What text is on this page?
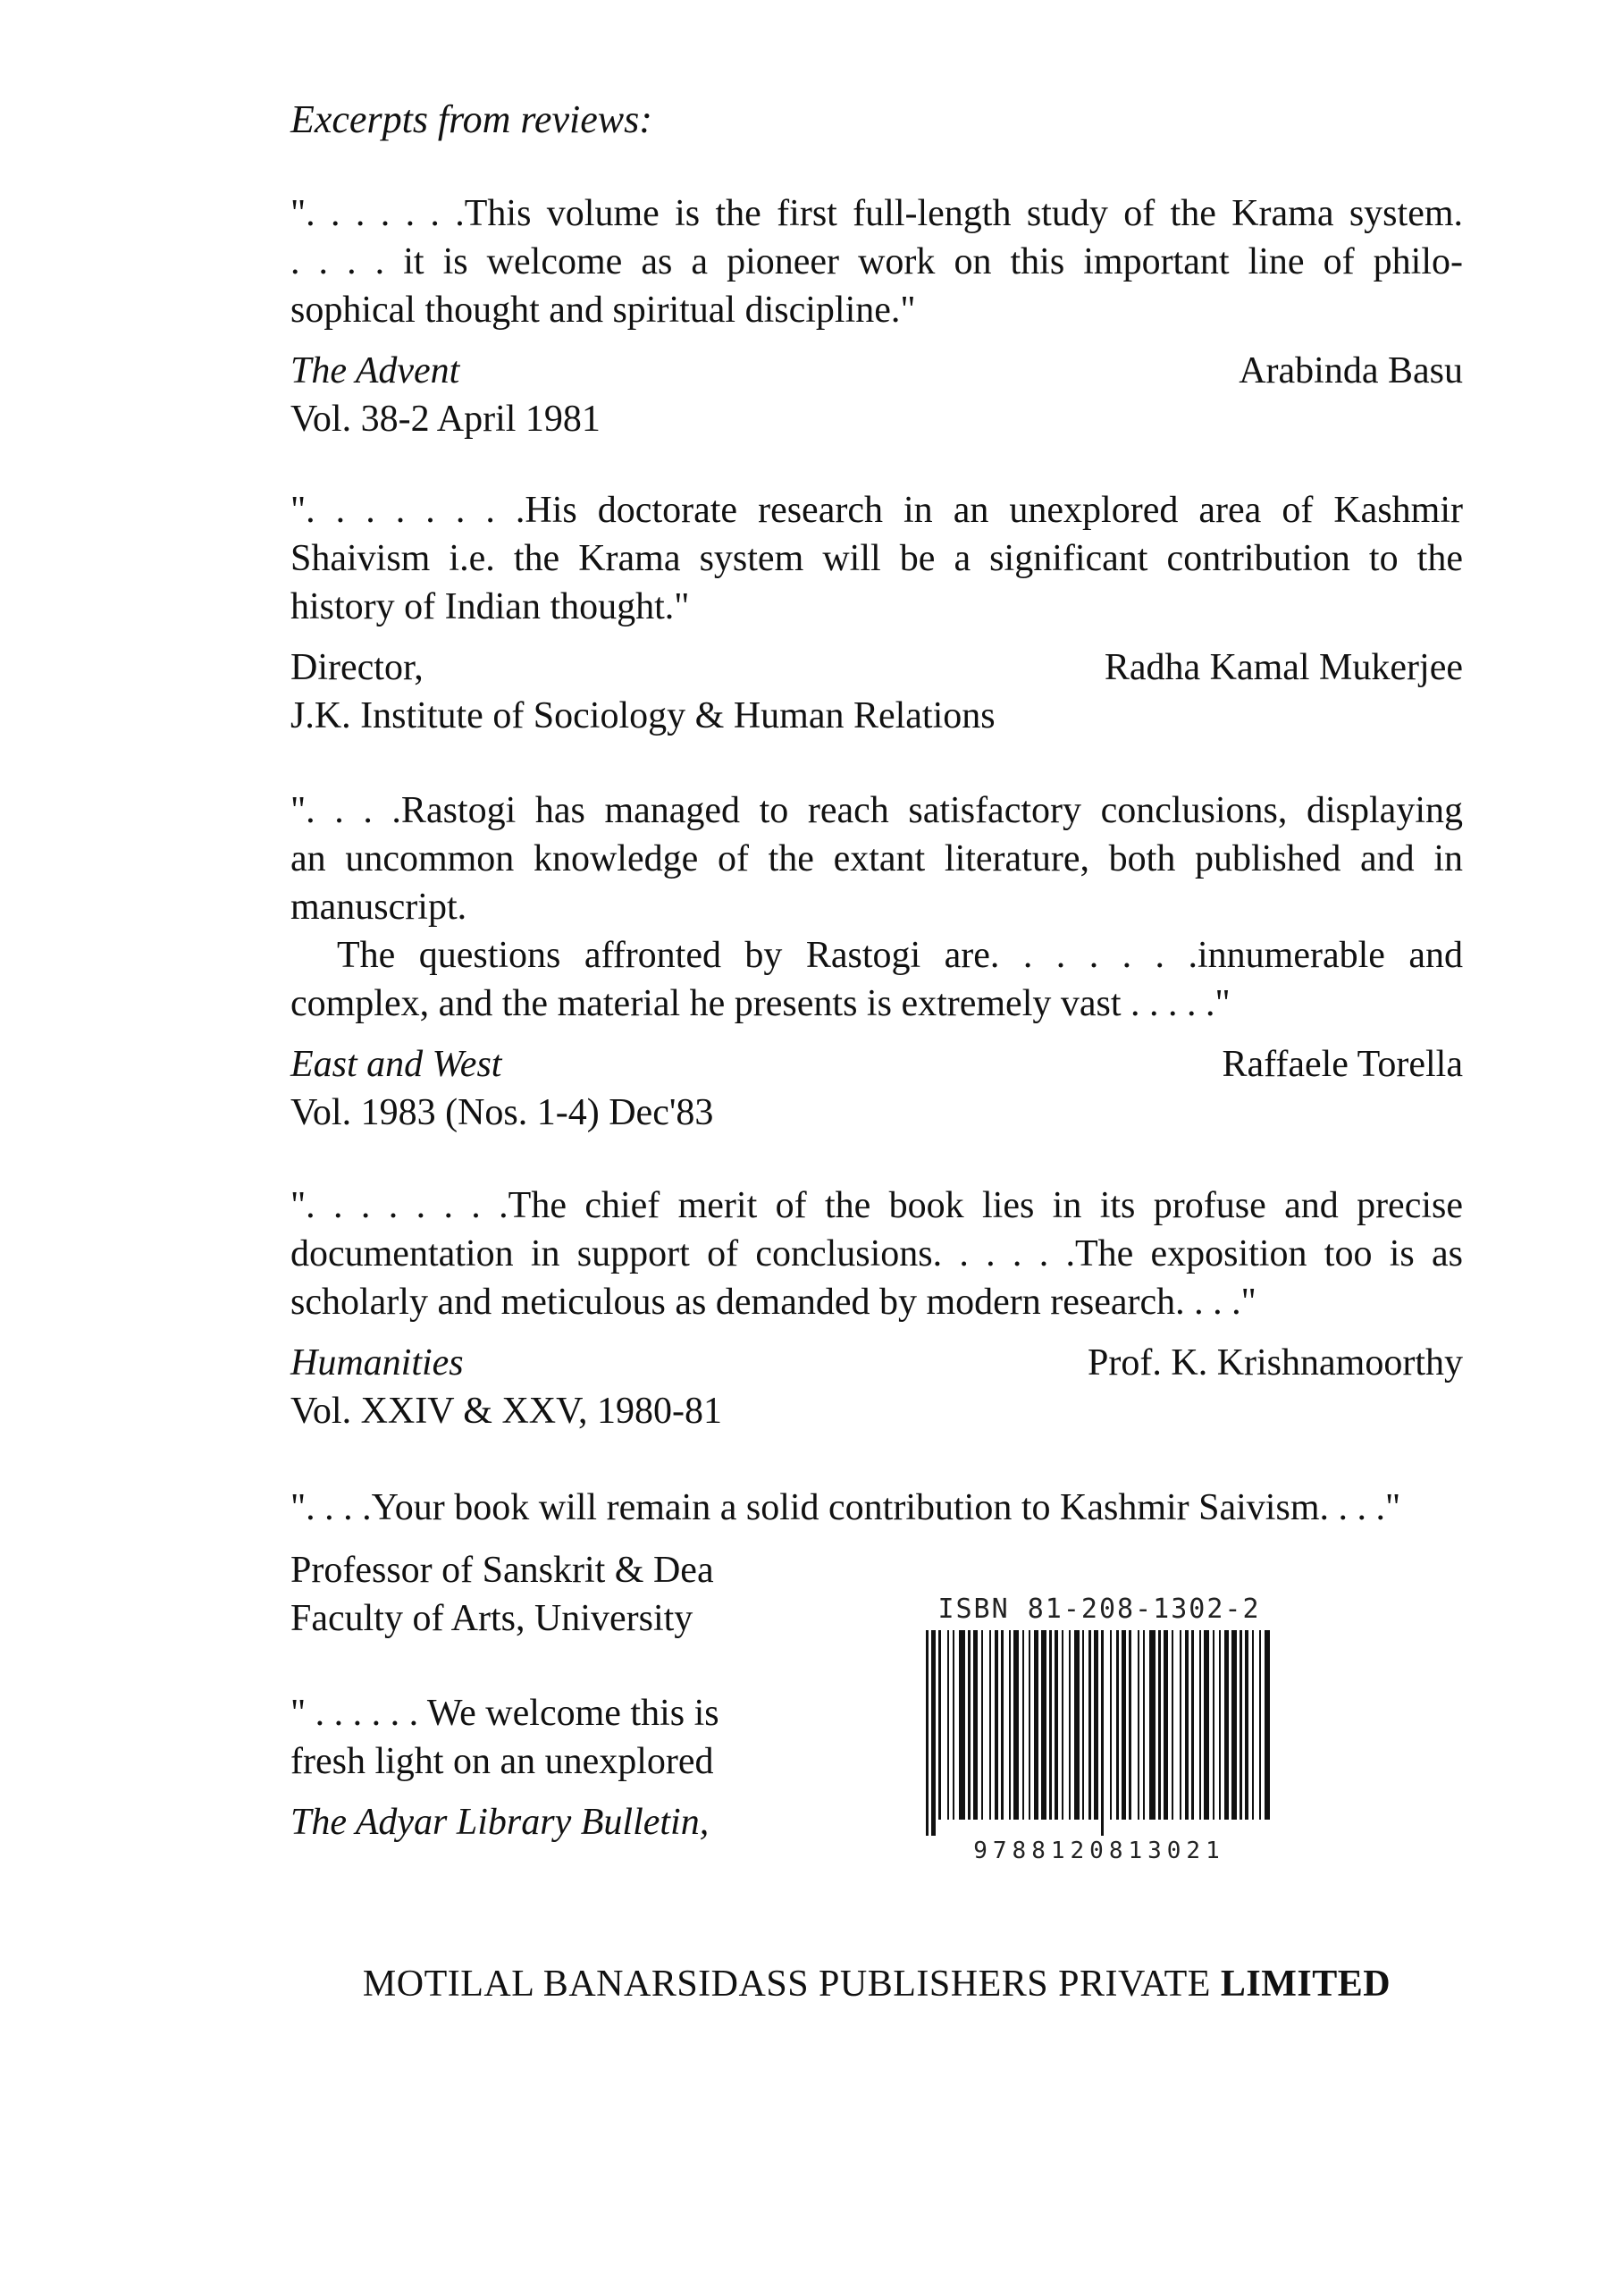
Excerpts from reviews:
". . . . . . .This volume is the first full-length study of the Krama system.
. . . . it is welcome as a pioneer work on this important line of philo-
sophical thought and spiritual discipline."
The Advent	Arabinda Basu
Vol. 38-2 April 1981
". . . . . . . .His doctorate research in an unexplored area of Kashmir
Shaivism i.e. the Krama system will be a significant contribution to the
history of Indian thought."
Director,	Radha Kamal Mukerjee
J.K. Institute of Sociology & Human Relations
". . . .Rastogi has managed to reach satisfactory conclusions, displaying
an uncommon knowledge of the extant literature, both published and in
manuscript.
The questions affronted by Rastogi are. . . . . . .innumerable and
complex, and the material he presents is extremely vast . . . . ."
East and West	Raffaele Torella
Vol. 1983 (Nos. 1-4) Dec'83
". . . . . . . .The chief merit of the book lies in its profuse and precise
documentation in support of conclusions. . . . . .The exposition too is as
scholarly and meticulous as demanded by modern research. . . ."
Humanities	Prof. K. Krishnamoorthy
Vol. XXIV & XXV, 1980-81
". . . .Your book will remain a solid contribution to Kashmir Saivism. . . ."
Professor of Sanskrit & Dea
Faculty of Arts, University
" . . . . . . We welcome this is
fresh light on an unexplored
The Adyar Library Bulletin,
ISBN 81-208-1302-2
9788120813021
MOTILAL BANARSIDASS PUBLISHERS PRIVATE LIMITED
